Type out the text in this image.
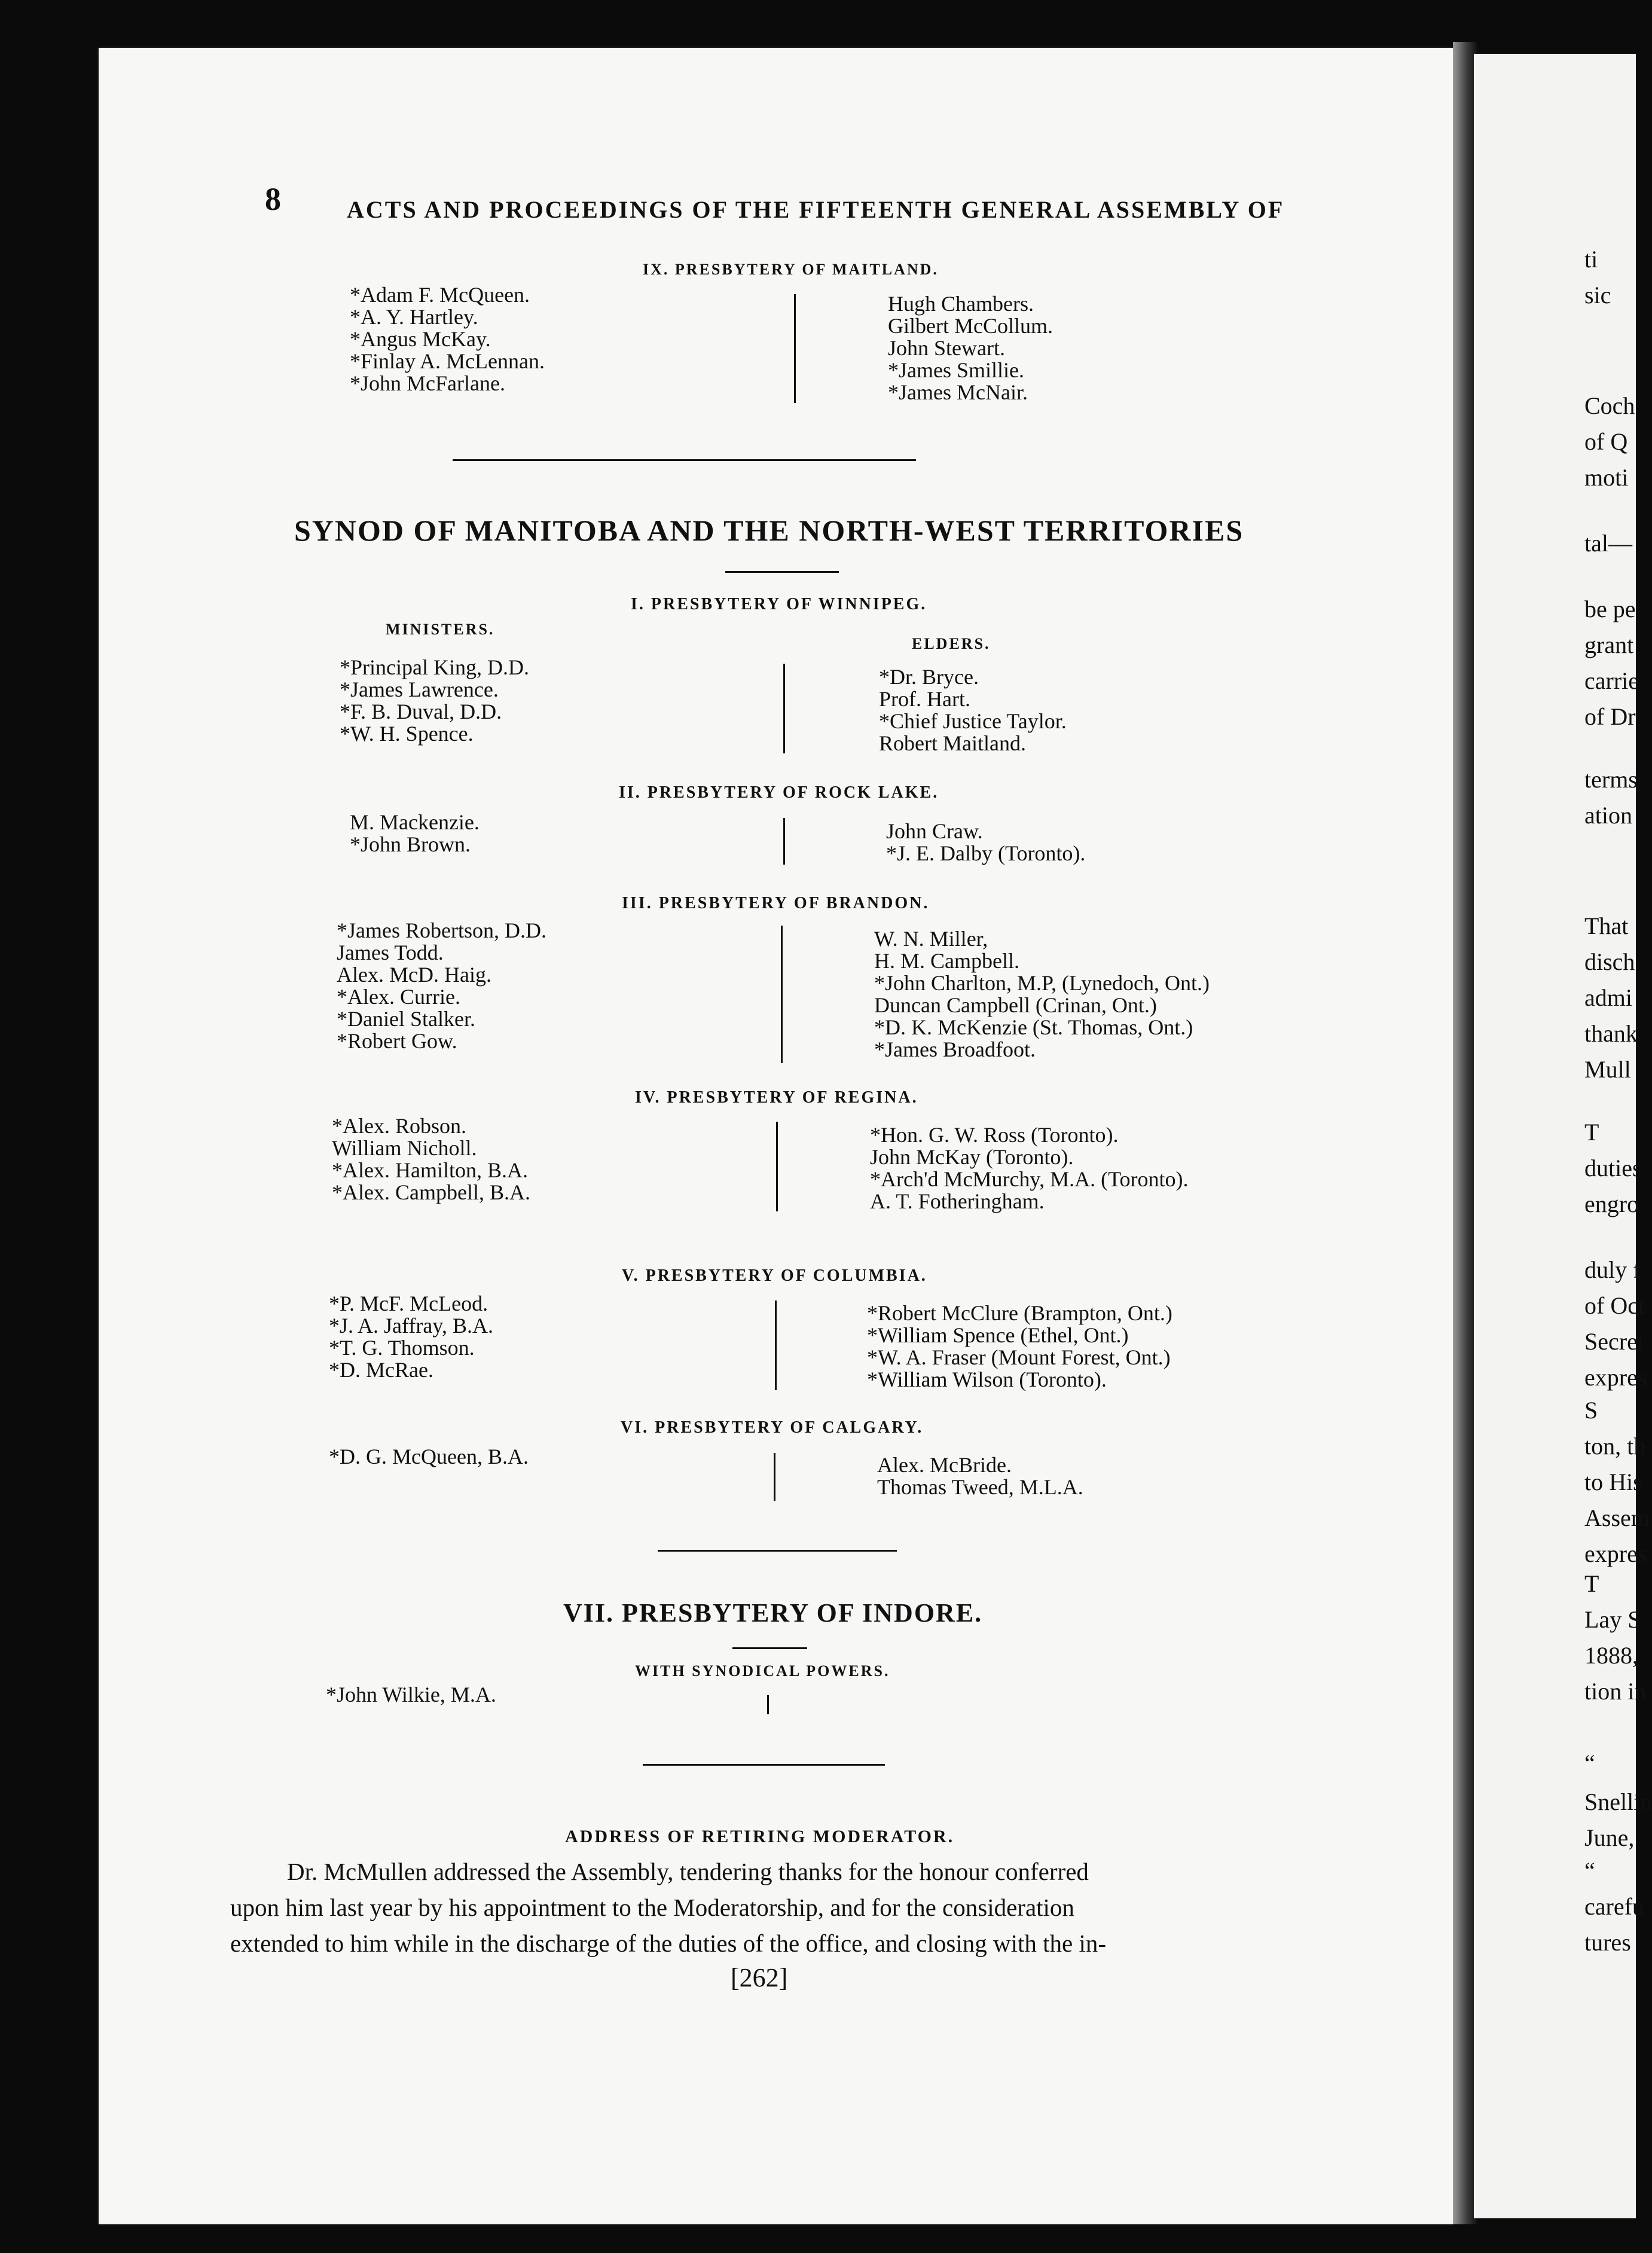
ti
sic
Coch
of Q
moti
tal—
be pe
grant
carrie
of Dr
terms
ation
That
disch
admi
thank
Mull
T
duties
engro
duly f
of Oct
Secret
expres
S
ton, th
to His
Assem
expres
T
Lay S
1888,
tion in
“
Snellin
June,
“
carefu
tures
8	ACTS AND PROCEEDINGS OF THE FIFTEENTH GENERAL ASSEMBLY OF
IX. PRESBYTERY OF MAITLAND.
*Adam F. McQueen.
*A. Y. Hartley.
*Angus McKay.
*Finlay A. McLennan.
*John McFarlane.
Hugh Chambers.
Gilbert McCollum.
John Stewart.
*James Smillie.
*James McNair.
SYNOD OF MANITOBA AND THE NORTH-WEST TERRITORIES
I. PRESBYTERY OF WINNIPEG.
MINISTERS.
ELDERS.
*Principal King, D.D.
*James Lawrence.
*F. B. Duval, D.D.
*W. H. Spence.
*Dr. Bryce.
Prof. Hart.
*Chief Justice Taylor.
Robert Maitland.
II. PRESBYTERY OF ROCK LAKE.
M. Mackenzie.
*John Brown.
John Craw.
*J. E. Dalby (Toronto).
III. PRESBYTERY OF BRANDON.
*James Robertson, D.D.
James Todd.
Alex. McD. Haig.
*Alex. Currie.
*Daniel Stalker.
*Robert Gow.
W. N. Miller,
H. M. Campbell.
*John Charlton, M.P, (Lynedoch, Ont.)
Duncan Campbell (Crinan, Ont.)
*D. K. McKenzie (St. Thomas, Ont.)
*James Broadfoot.
IV. PRESBYTERY OF REGINA.
*Alex. Robson.
William Nicholl.
*Alex. Hamilton, B.A.
*Alex. Campbell, B.A.
*Hon. G. W. Ross (Toronto).
John McKay (Toronto).
*Arch'd McMurchy, M.A. (Toronto).
A. T. Fotheringham.
V. PRESBYTERY OF COLUMBIA.
*P. McF. McLeod.
*J. A. Jaffray, B.A.
*T. G. Thomson.
*D. McRae.
*Robert McClure (Brampton, Ont.)
*William Spence (Ethel, Ont.)
*W. A. Fraser (Mount Forest, Ont.)
*William Wilson (Toronto).
VI. PRESBYTERY OF CALGARY.
*D. G. McQueen, B.A.	Alex. McBride.
Thomas Tweed, M.L.A.
VII. PRESBYTERY OF INDORE.
WITH SYNODICAL POWERS.
*John Wilkie, M.A.
ADDRESS OF RETIRING MODERATOR.
Dr. McMullen addressed the Assembly, tendering thanks for the honour conferred
upon him last year by his appointment to the Moderatorship, and for the consideration
extended to him while in the discharge of the duties of the office, and closing with the in-
[262]
